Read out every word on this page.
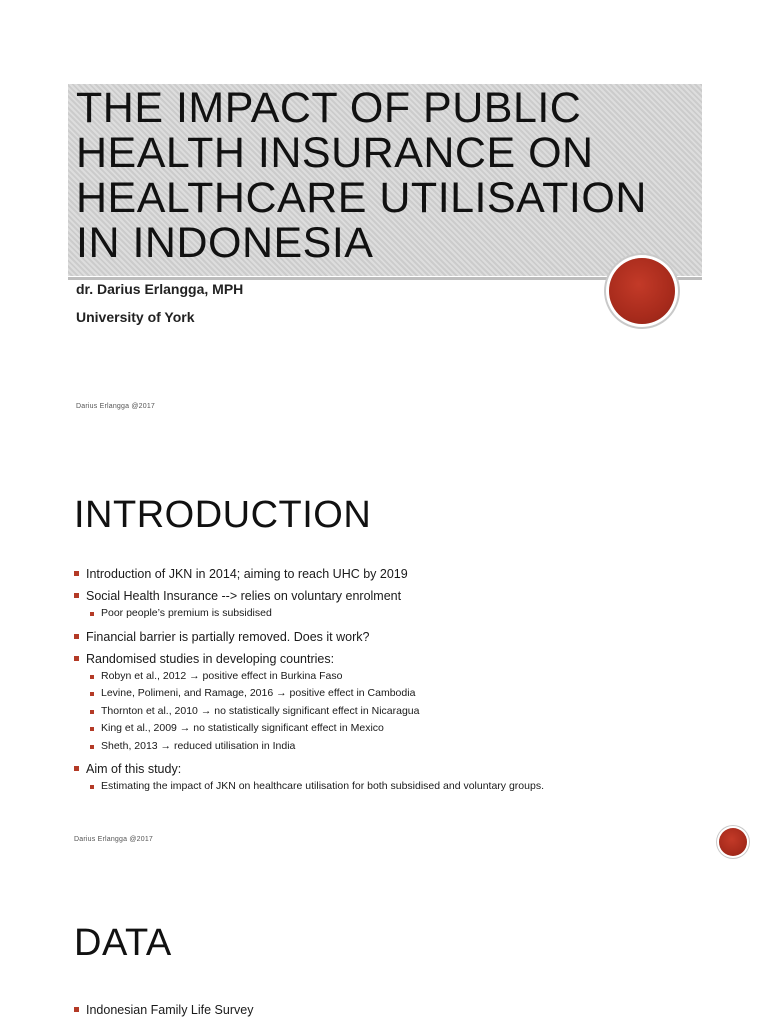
THE IMPACT OF PUBLIC HEALTH INSURANCE ON HEALTHCARE UTILISATION IN INDONESIA
dr. Darius Erlangga, MPH
University of York
Darius Erlangga @2017
INTRODUCTION
Introduction of JKN in 2014; aiming to reach UHC by 2019
Social Health Insurance --> relies on voluntary enrolment
Poor people’s premium is subsidised
Financial barrier is partially removed. Does it work?
Randomised studies in developing countries:
Robyn et al., 2012 → positive effect in Burkina Faso
Levine, Polimeni, and Ramage, 2016 → positive effect in Cambodia
Thornton et al., 2010 → no statistically significant effect in Nicaragua
King et al., 2009 → no statistically significant effect in Mexico
Sheth, 2013 → reduced utilisation in India
Aim of this study:
Estimating the impact of JKN on healthcare utilisation for both subsidised and voluntary groups.
Darius Erlangga @2017
DATA
Indonesian Family Life Survey
